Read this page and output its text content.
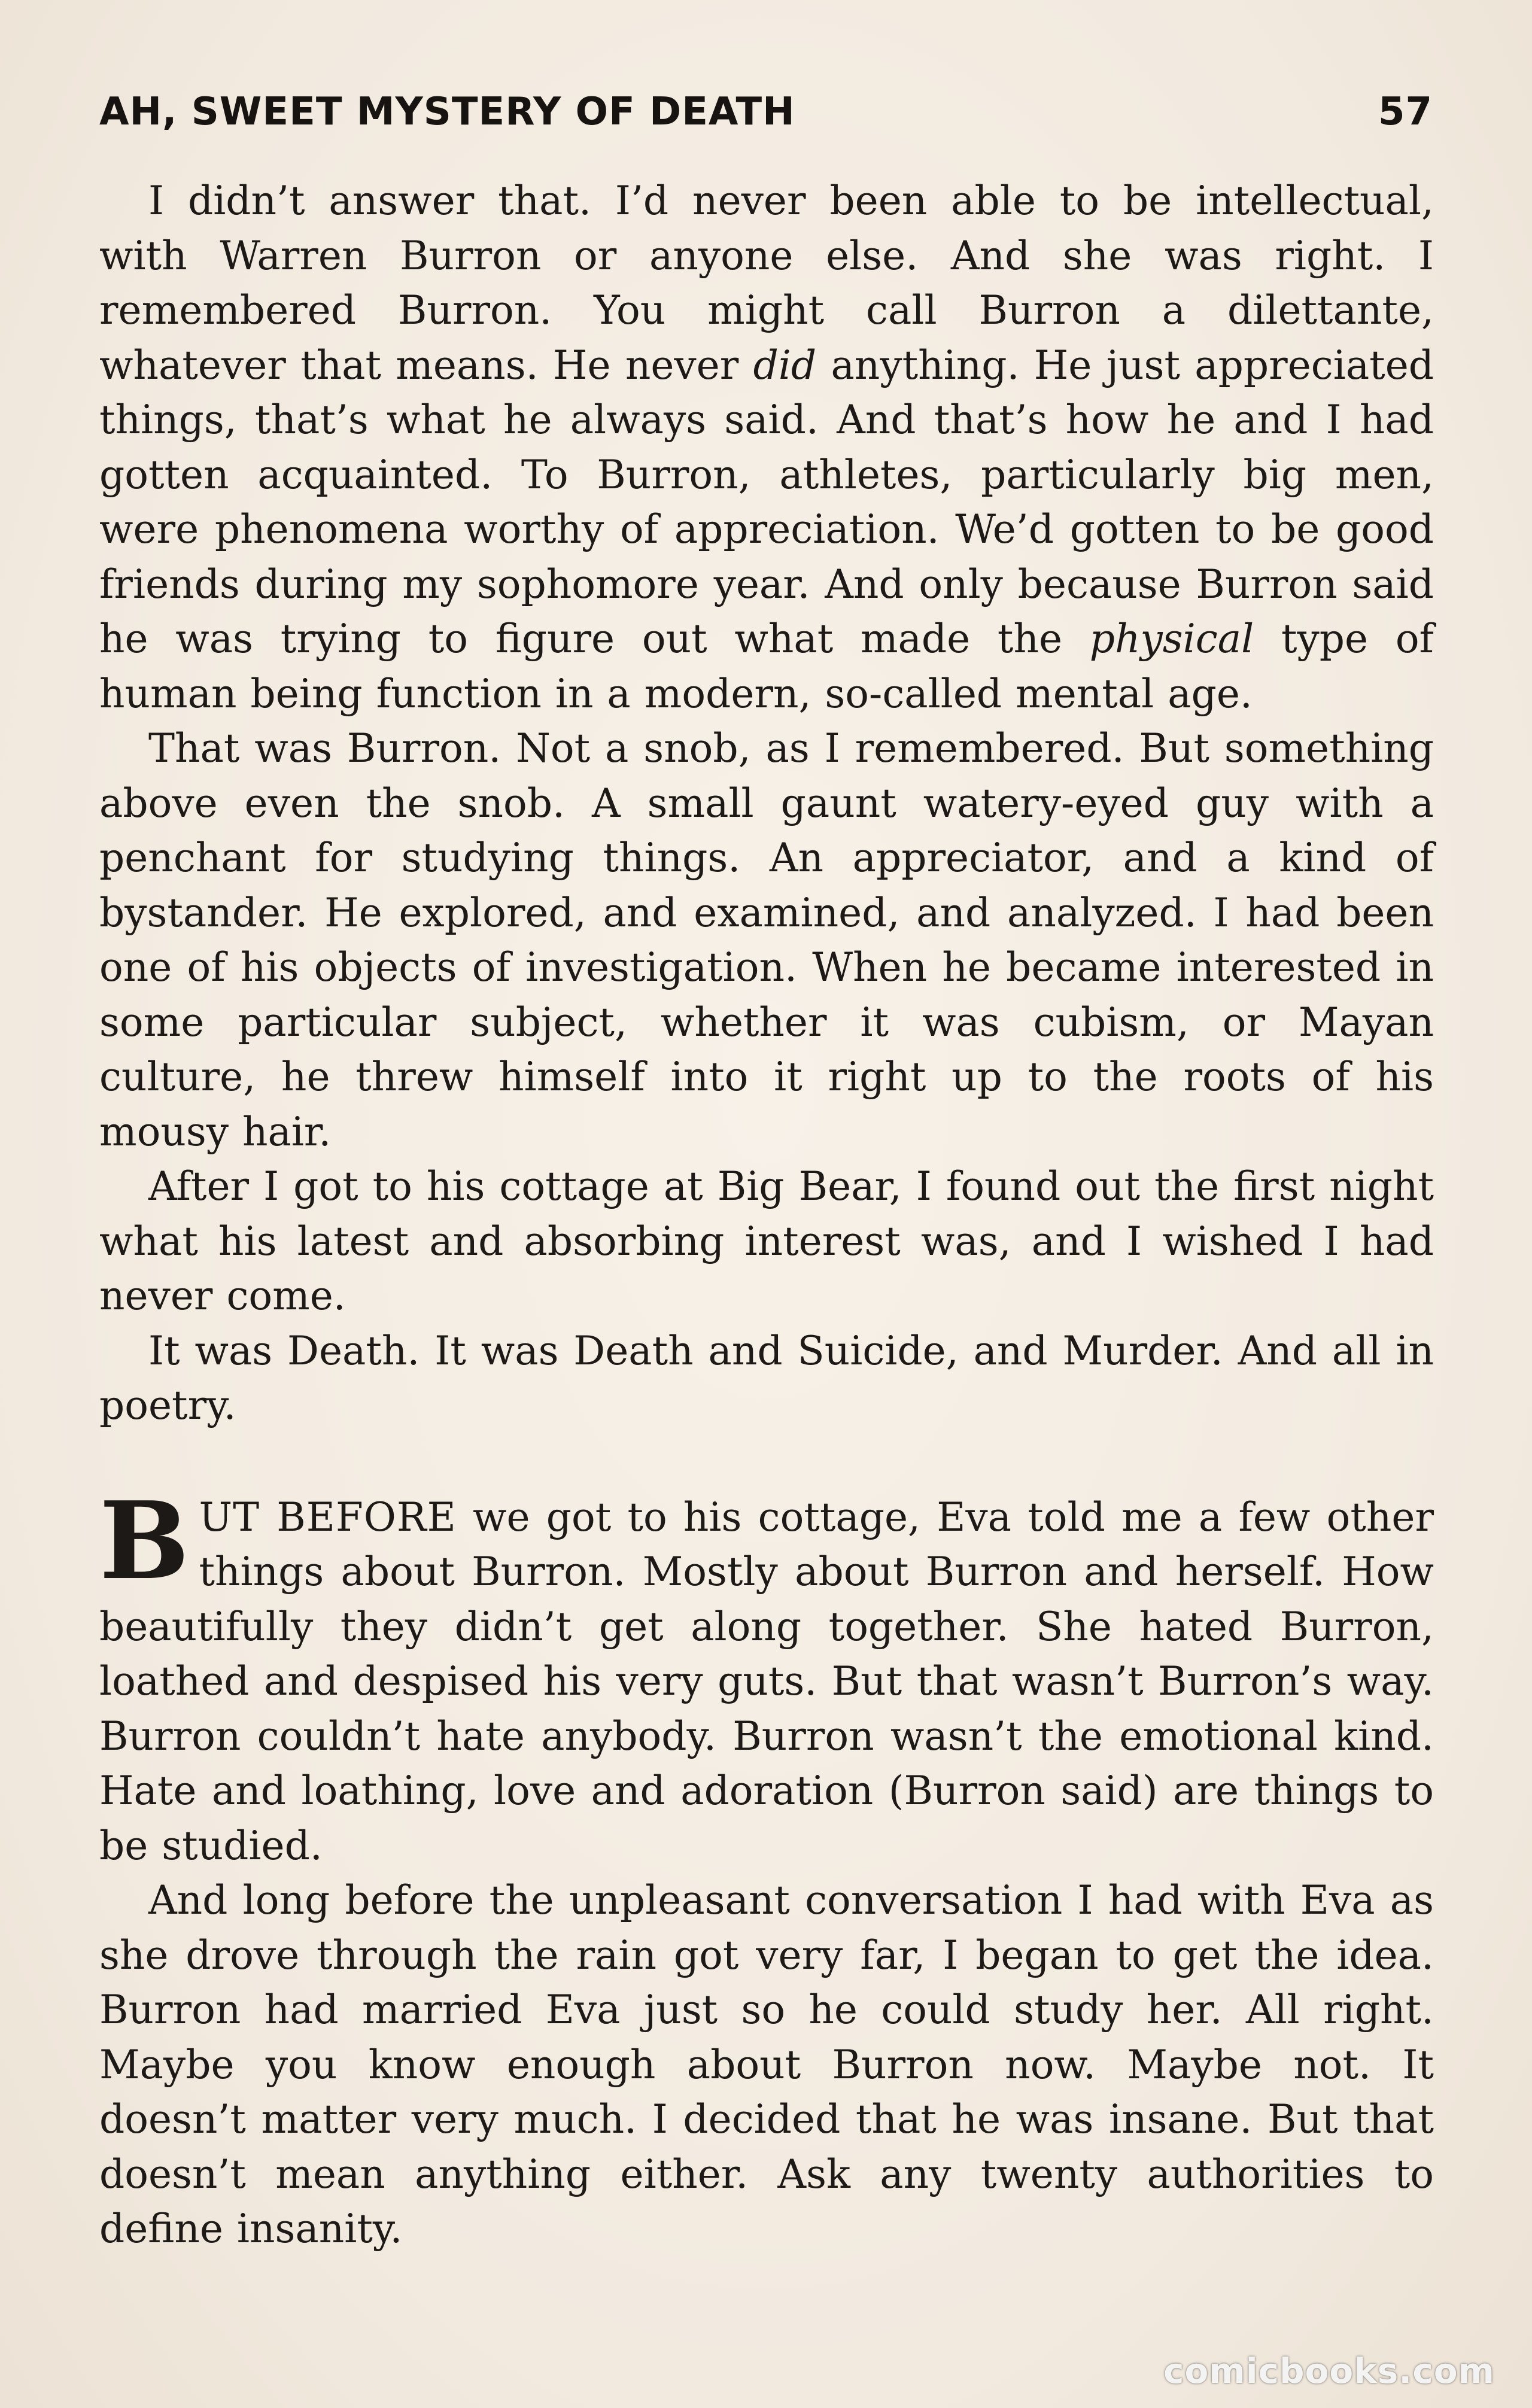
AH, SWEET MYSTERY OF DEATH	57

I didn’t answer that. I’d never been able to be intellectual, with Warren Burron or anyone else. And she was right. I remembered Burron. You might call Burron a dilettante, whatever that means. He never did anything. He just appreciated things, that’s what he always said. And that’s how he and I had gotten acquainted. To Burron, athletes, particularly big men, were phenomena worthy of appreciation. We’d gotten to be good friends during my sophomore year. And only because Burron said he was trying to figure out what made the physical type of human being function in a modern, so-called mental age.

That was Burron. Not a snob, as I remembered. But something above even the snob. A small gaunt watery-eyed guy with a penchant for studying things. An appreciator, and a kind of bystander. He explored, and examined, and analyzed. I had been one of his objects of investigation. When he became interested in some particular subject, whether it was cubism, or Mayan culture, he threw himself into it right up to the roots of his mousy hair.

After I got to his cottage at Big Bear, I found out the first night what his latest and absorbing interest was, and I wished I had never come.

It was Death. It was Death and Suicide, and Murder. And all in poetry.

BUT BEFORE we got to his cottage, Eva told me a few other things about Burron. Mostly about Burron and herself. How beautifully they didn’t get along together. She hated Burron, loathed and despised his very guts. But that wasn’t Burron’s way. Burron couldn’t hate anybody. Burron wasn’t the emotional kind. Hate and loathing, love and adoration (Burron said) are things to be studied.

And long before the unpleasant conversation I had with Eva as she drove through the rain got very far, I began to get the idea. Burron had married Eva just so he could study her. All right. Maybe you know enough about Burron now. Maybe not. It doesn’t matter very much. I decided that he was insane. But that doesn’t mean anything either. Ask any twenty authorities to define insanity.

comicbooks.com
